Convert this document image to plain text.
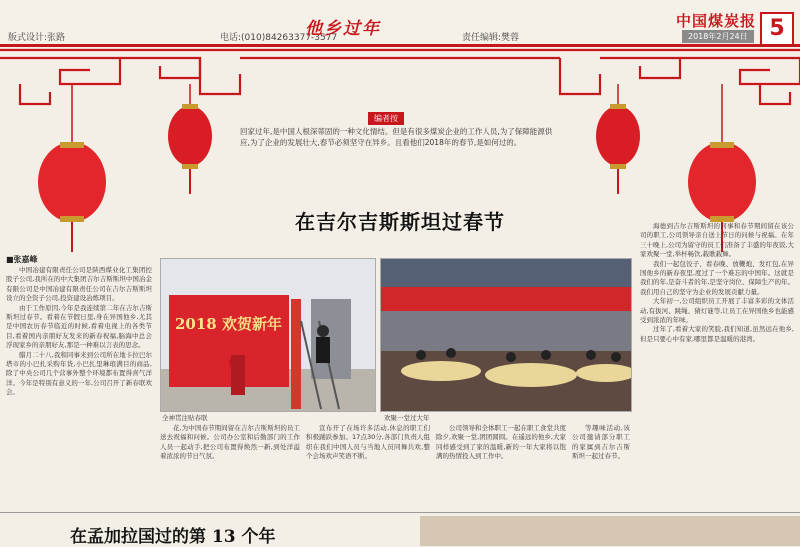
版式设计:张路	电话:(010)84263377-3577	责任编辑:樊蓉
他乡过年	中国煤炭报
2018年2月24日 5
编者按
回家过年,是中国人根深蒂固的一种文化情结。但是有很多煤炭企业的工作人员,为了保障能源供应,为了企业的发展壮大,春节必须坚守在异乡。且看他们2018年的春节,是如何过的。
在吉尔吉斯斯坦过春节
■张嘉峰

中国冶建有限责任公司是陕西煤业化工集团控股子公司,我所在的中大集团吉尔吉斯斯坦中国冶金有限公司是中国冶建有限责任公司在吉尔吉斯斯坦设立的全资子公司,投资建设冶炼项目。

由于工作原因,今年是我连续第二年在吉尔吉斯斯坦过春节。看着在节假日里,身在异国他乡,尤其是中国农历春节临近的时候,看着电视上的各类节目,看着国内亲朋好友发来的新春祝福,脑海中总会浮现家乡的亲朋好友,那是一种难以言表的思念。

腊月二十八,我和同事来到公司所在地卡拉巴尔塔市的小巴扎采购年货,小巴扎里琳琅满目的商品,除了中央公司几个营事外整个环境都布置得喜气洋洋。今年是特别有意义的一年,公司召开了新春联欢会。

2018 欢贺新年
全神贯注贴春联	欢聚一堂过大年

花,为中国春节期间留在吉尔吉斯斯坦的员工送去祝福和问候。公司办公室和后勤部门的工作人员一起动手,把公司布置得焕然一新,到处洋溢着浓浓的节日气氛。

宣布开了在场许多活动,休息的职工们积极踊跃参加。17点30分,各部门负责人组织在我们中国人员与当地人员同舞共欢,整个会场欢声笑语不断。

公司领导和全体职工一起在职工食堂共度除夕,欢聚一堂,团团圆圆。在遥远的他乡,大家同样感受到了家的温暖,新的一年大家将以饱满的热情投入到工作中。

等趣味活动,该公司邀请部分职工的家属到吉尔吉斯斯坦一起过春节。

海德到吉尔吉斯斯坦的同事和春节期间留在该公司的职工,公司领导亲自送上节日的问候与祝福。在年三十晚上,公司为留守的员工们准备了丰盛的年夜饭,大家欢聚一堂,举杯畅饮,载歌载舞。

我们一起包饺子、看春晚、放鞭炮、发红包,在异国他乡的新春夜里,度过了一个难忘的中国年。这就是我们的年,是奋斗者的年,是坚守岗位、保障生产的年。我们用自己的坚守为企业的发展贡献力量。

大年初一,公司组织员工开展了丰富多彩的文体活动,有拔河、跳绳、猜灯谜等,让员工在异国他乡也能感受到浓浓的年味。

过年了,看着大家的笑脸,我们知道,虽然远在他乡,但是只要心中有家,哪里都是温暖的港湾。

在孟加拉国过的第 13 个年
